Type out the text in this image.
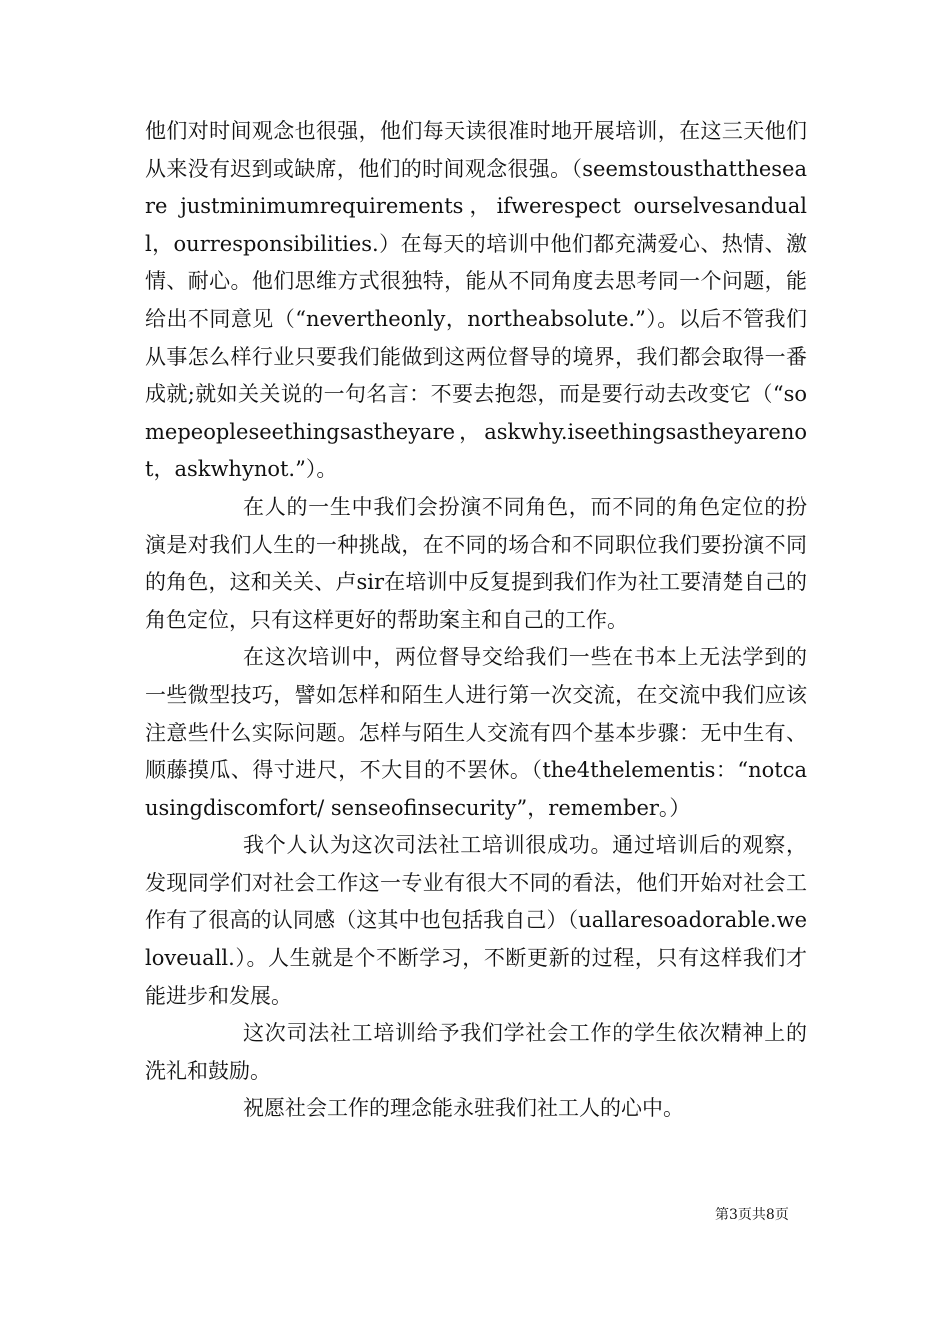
他们对时间观念也很强，他们每天读很准时地开展培训，在这三天他们从来没有迟到或缺席，他们的时间观念很强。（seemstousthattheseare justminimumrequirements，ifwerespect ourselvesanduall，ourresponsibilities.）在每天的培训中他们都充满爱心、热情、激情、耐心。他们思维方式很独特，能从不同角度去思考同一个问题，能给出不同意见（“nevertheonly，northeabsolute.”）。以后不管我们从事怎么样行业只要我们能做到这两位督导的境界，我们都会取得一番成就;就如关关说的一句名言：不要去抱怨，而是要行动去改变它（“somepeopleseethingsastheyare，askwhy.iseethingsastheyarenot，askwhynot.”）。

在人的一生中我们会扮演不同角色，而不同的角色定位的扮演是对我们人生的一种挑战，在不同的场合和不同职位我们要扮演不同的角色，这和关关、卢sir在培训中反复提到我们作为社工要清楚自己的角色定位，只有这样更好的帮助案主和自己的工作。

在这次培训中，两位督导交给我们一些在书本上无法学到的一些微型技巧，譬如怎样和陌生人进行第一次交流，在交流中我们应该注意些什么实际问题。怎样与陌生人交流有四个基本步骤：无中生有、顺藤摸瓜、得寸进尺，不大目的不罢休。（the4thelementis：“notcausingdiscomfort/ senseofinsecurity”，remember。）

我个人认为这次司法社工培训很成功。通过培训后的观察，发现同学们对社会工作这一专业有很大不同的看法，他们开始对社会工作有了很高的认同感（这其中也包括我自己）（uallaresoadorable.weloveuall.）。人生就是个不断学习，不断更新的过程，只有这样我们才能进步和发展。

这次司法社工培训给予我们学社会工作的学生依次精神上的洗礼和鼓励。

祝愿社会工作的理念能永驻我们社工人的心中。

第3页共8页
